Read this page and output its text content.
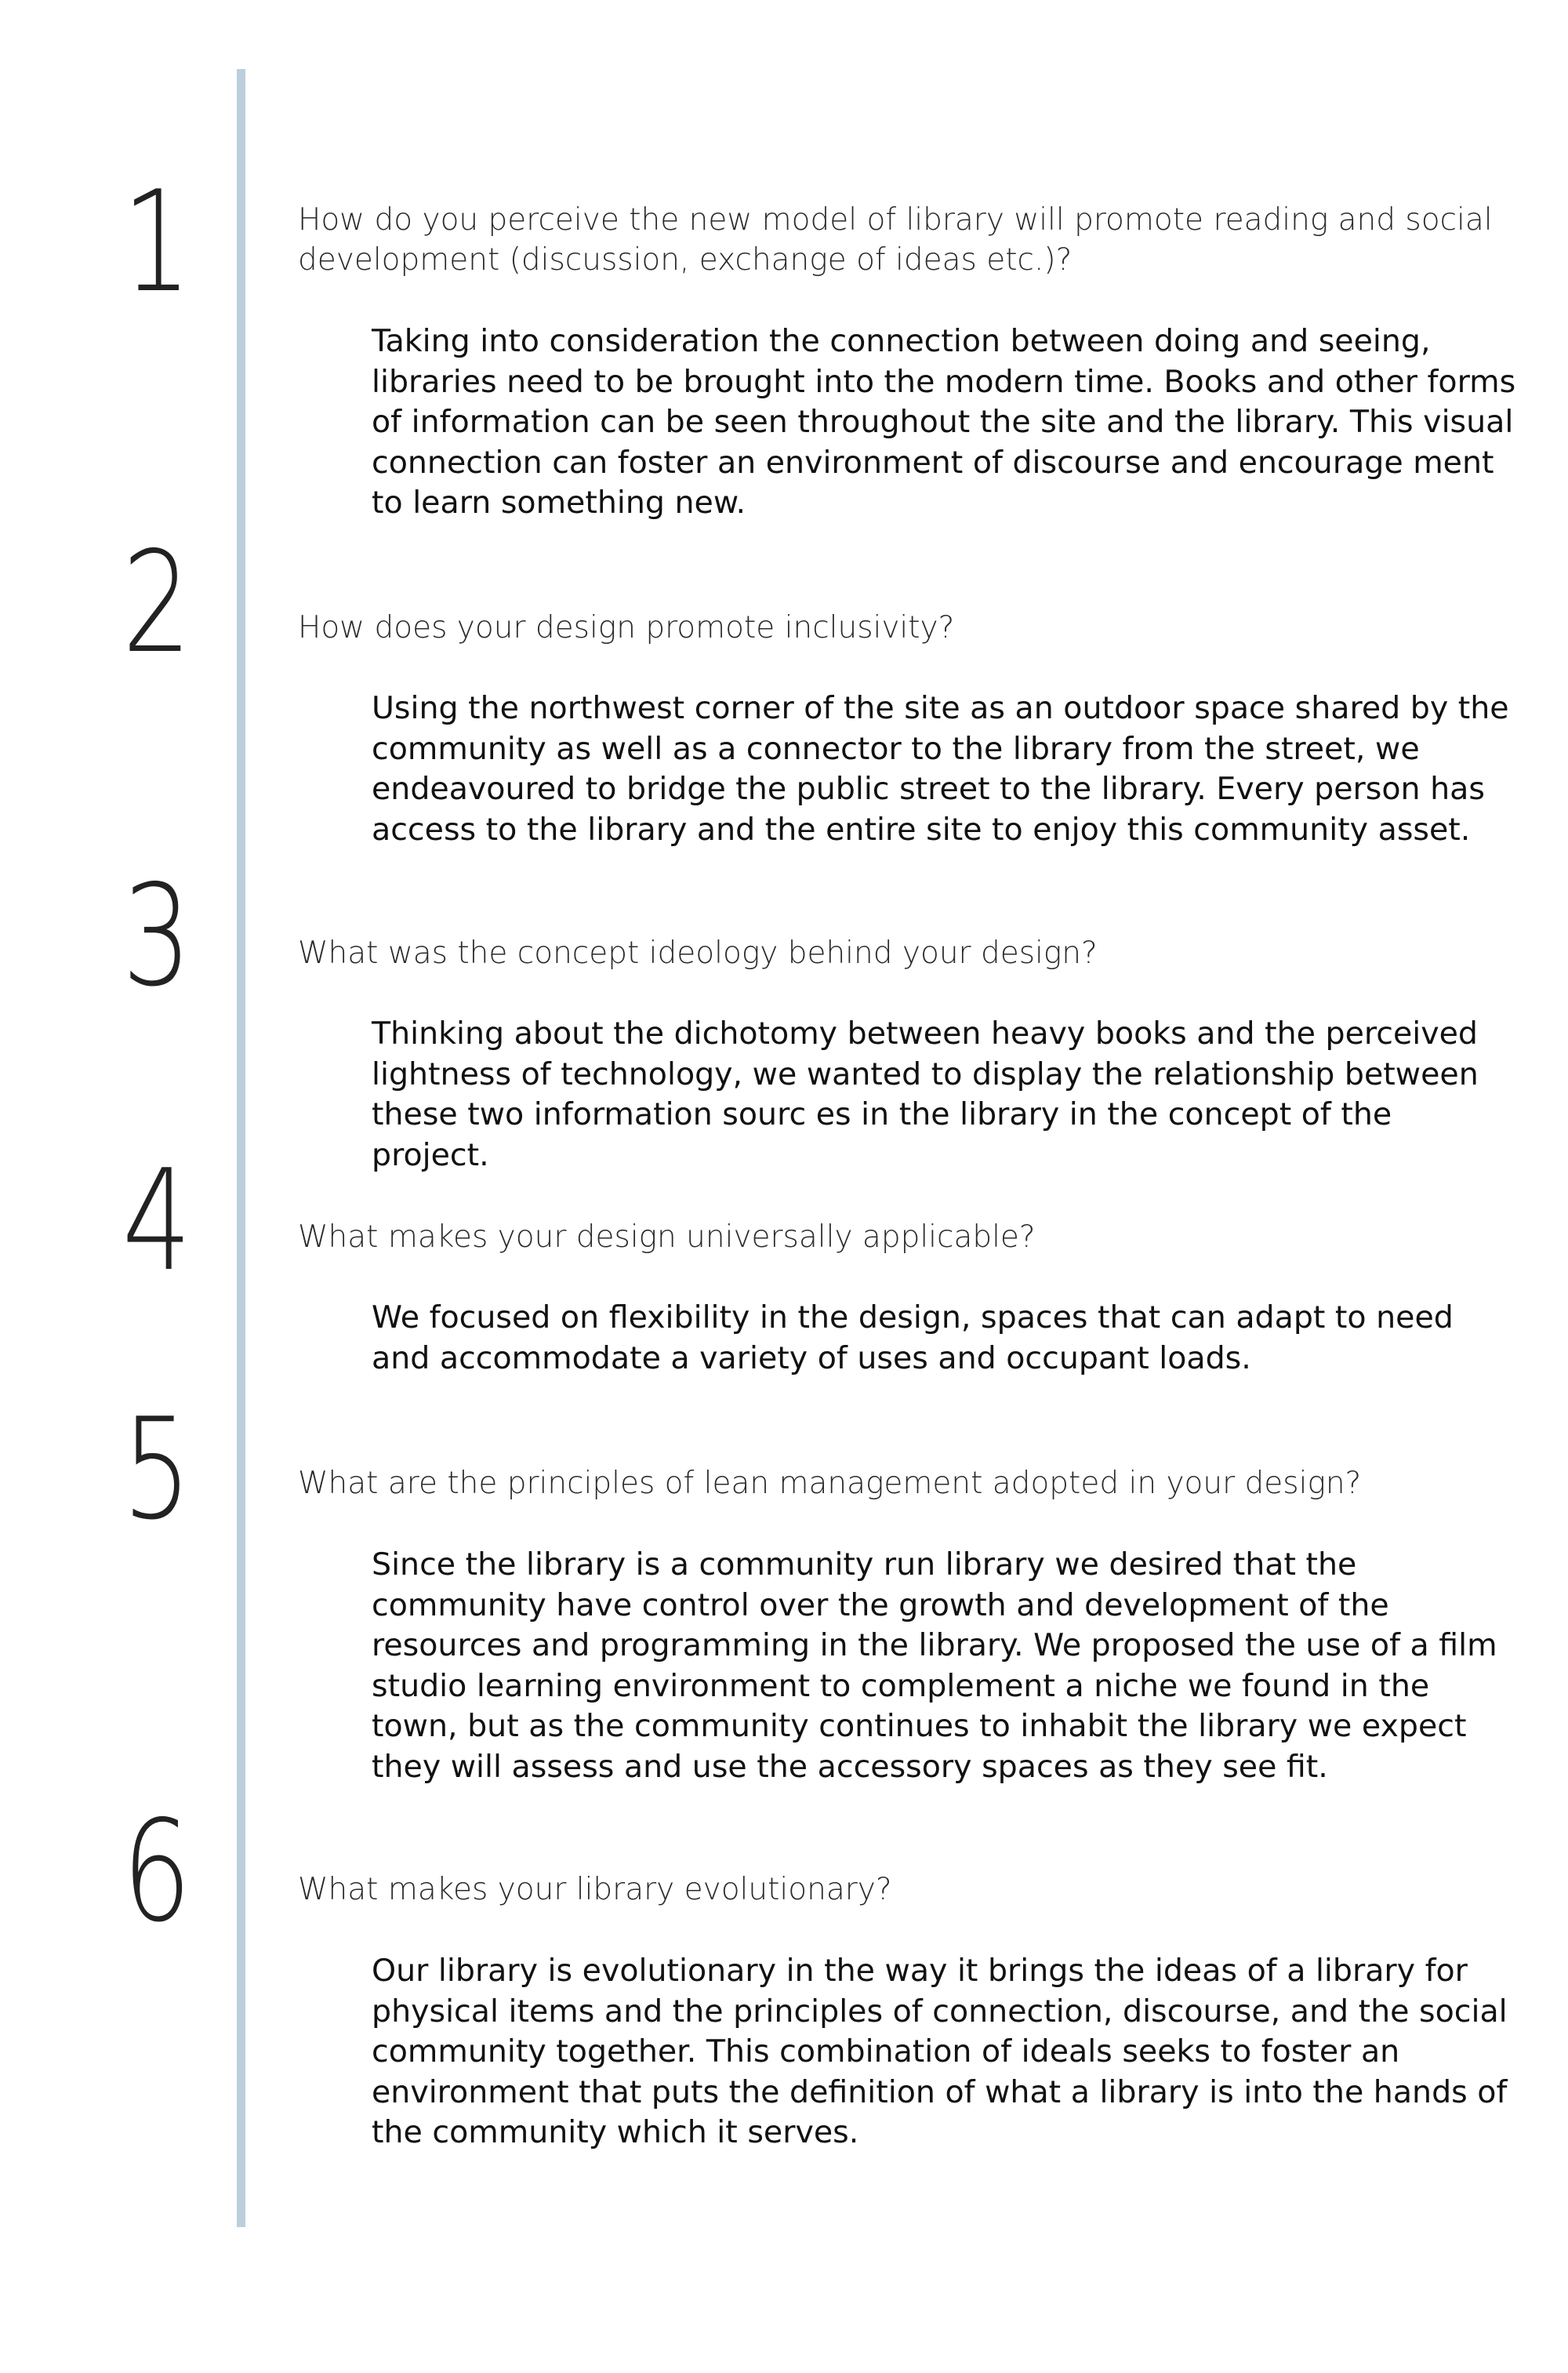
1	How do you perceive the new model of library will promote reading and social development (discussion, exchange of ideas etc.)?

Taking into consideration the connection between doing and seeing, libraries need to be brought into the modern time. Books and other forms of information can be seen throughout the site and the library. This visual connection can foster an environment of discourse and encourage ment to learn something new.

2	How does your design promote inclusivity?

Using the northwest corner of the site as an outdoor space shared by the community as well as a connector to the library from the street, we endeavoured to bridge the public street to the library. Every person has access to the library and the entire site to enjoy this community asset.

3	What was the concept ideology behind your design?

Thinking about the dichotomy between heavy books and the perceived lightness of technology, we wanted to display the relationship between these two information sourc es in the library in the concept of the project.

4	What makes your design universally applicable?

We focused on flexibility in the design, spaces that can adapt to need and accommodate a variety of uses and occupant loads.

5	What are the principles of lean management adopted in your design?

Since the library is a community run library we desired that the community have control over the growth and development of the resources and programming in the library. We proposed the use of a film studio learning environment to complement a niche we found in the town, but as the community continues to inhabit the library we expect they will assess and use the accessory spaces as they see fit.

6	What makes your library evolutionary?

Our library is evolutionary in the way it brings the ideas of a library for physical items and the principles of connection, discourse, and the social community together. This combination of ideals seeks to foster an environment that puts the definition of what a library is into the hands of the community which it serves.
